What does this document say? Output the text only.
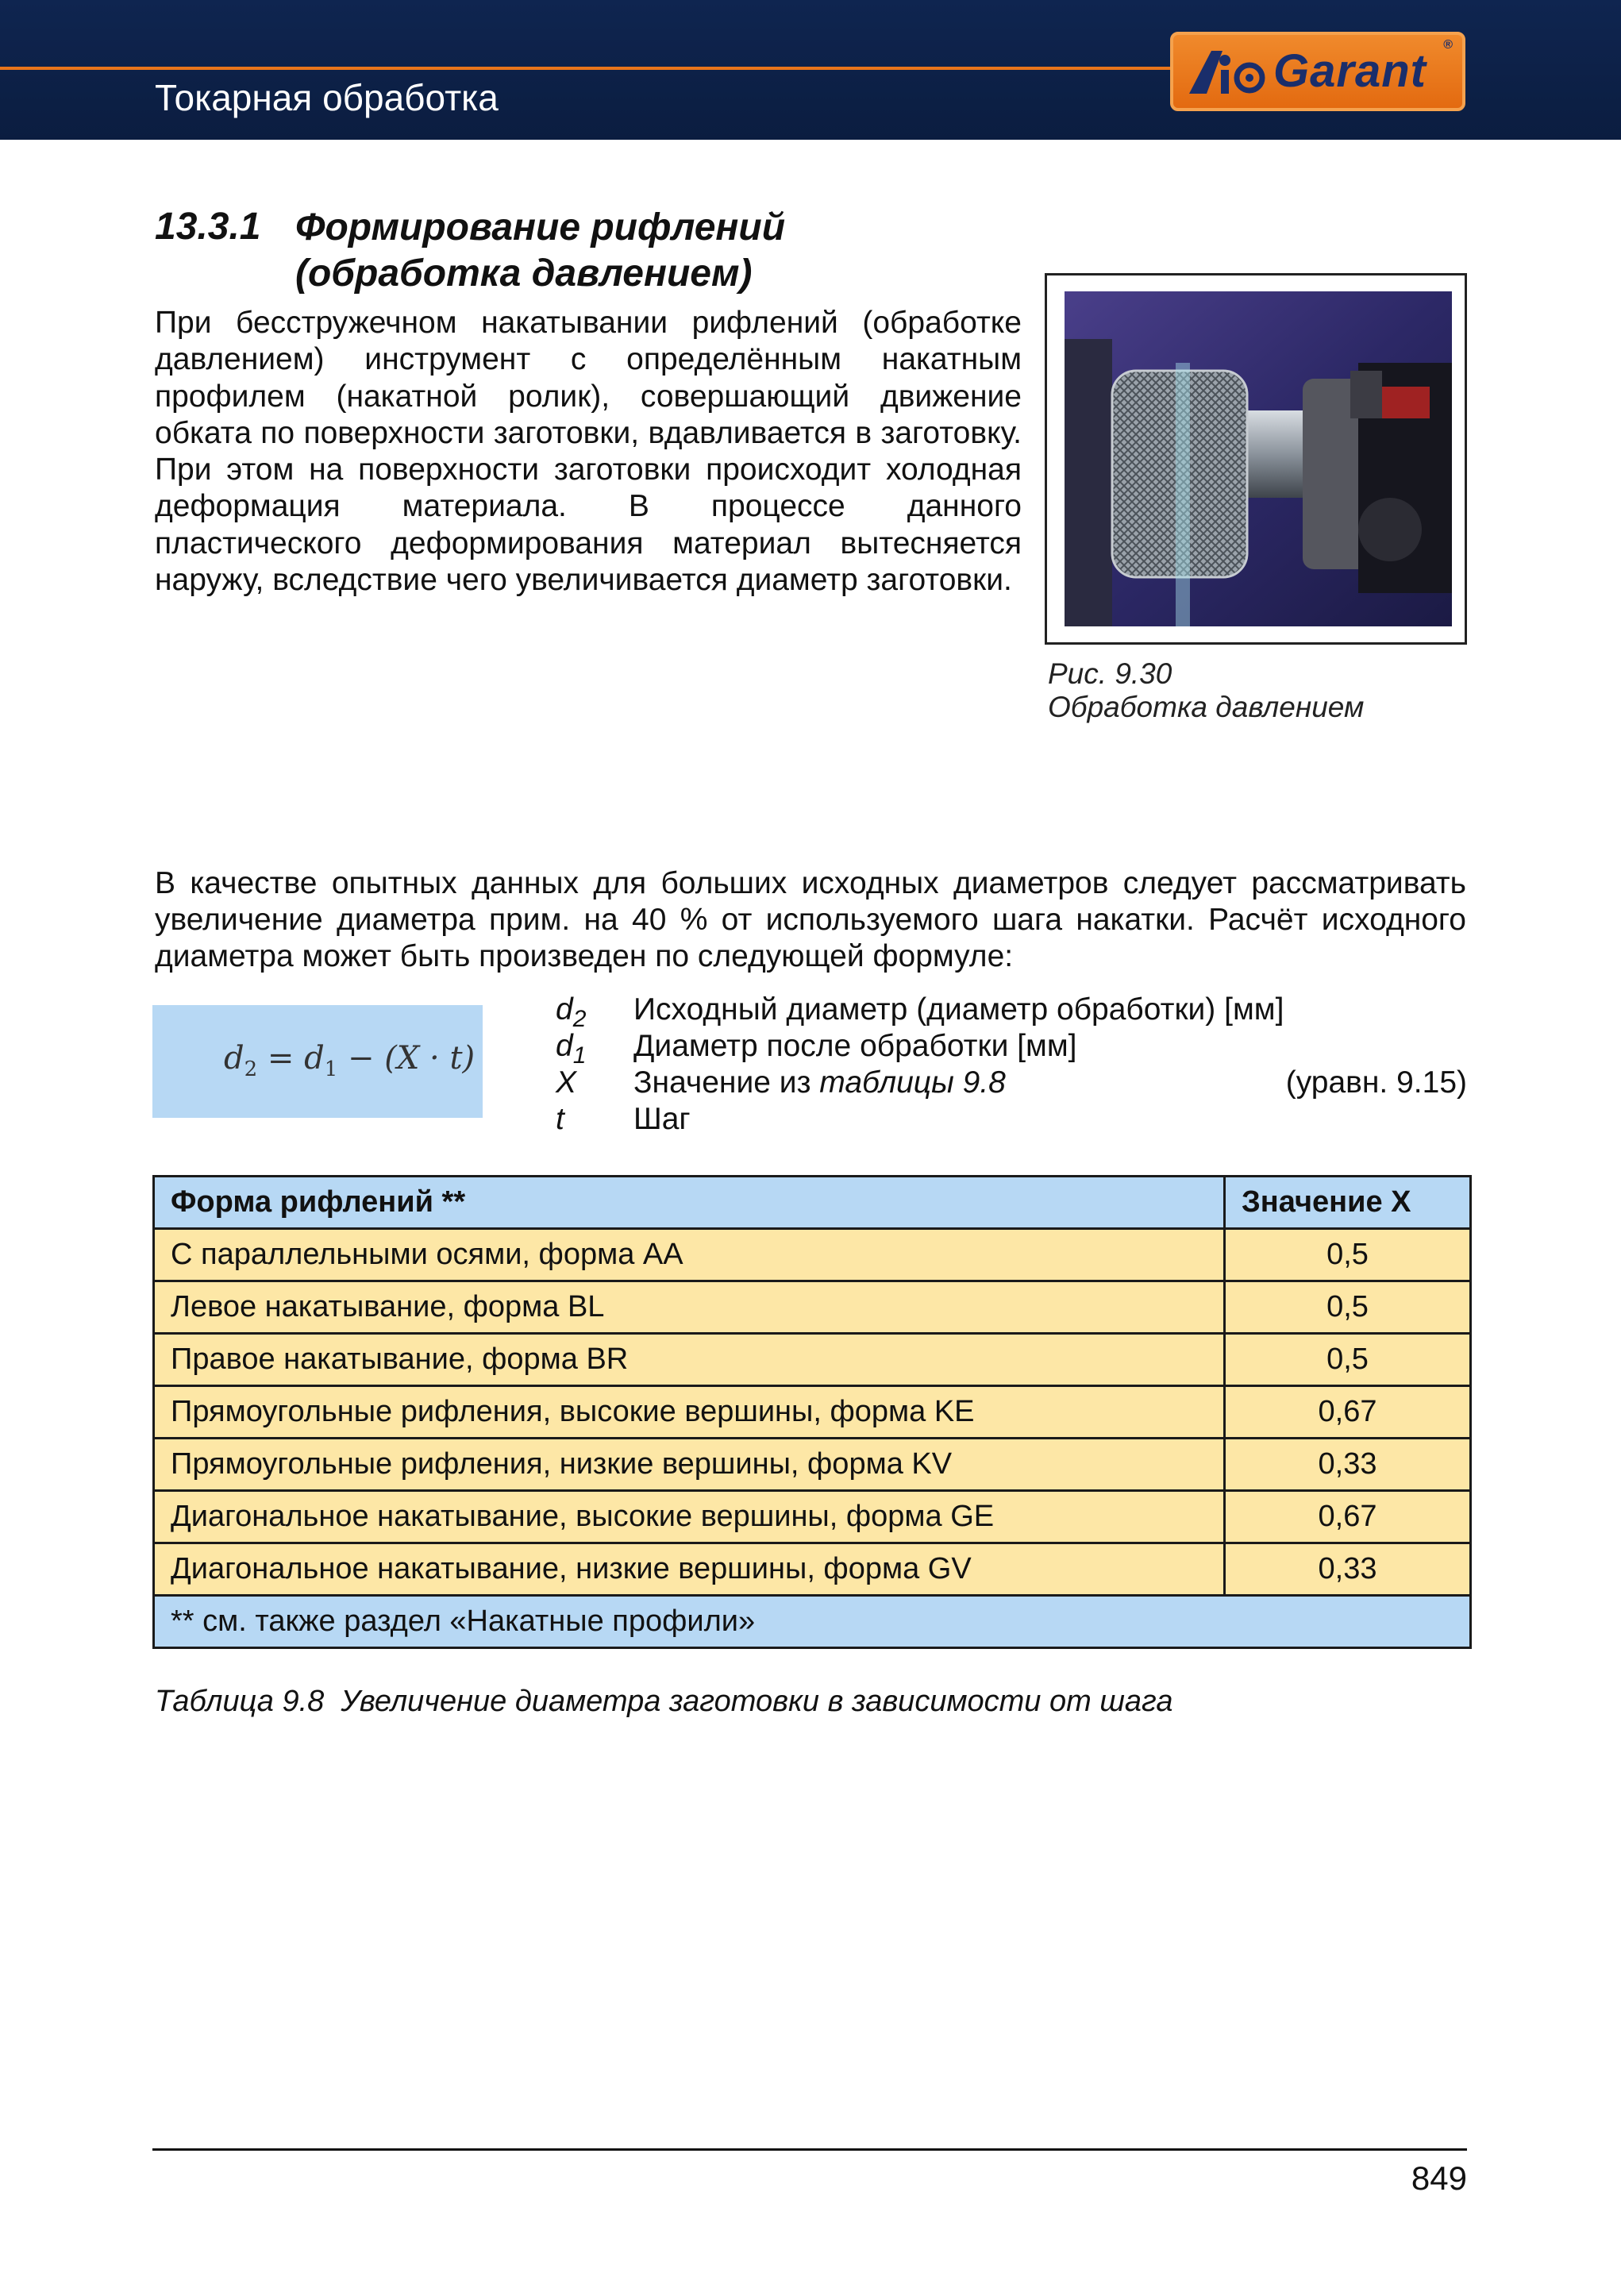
Токарная обработка
Garant
®
13.3.1 Формирование рифлений
(обработка давлением)
При бесстружечном накатывании рифлений (обработке давлением) инструмент с определённым накатным профилем (накатной ролик), совершающий движение обката по поверхности заготовки, вдавливается в заготовку. При этом на поверхности заготовки происходит холодная деформация материала. В процессе данного пластического деформирования материал вытесняется наружу, вследствие чего увеличивается диаметр заготовки.
Рис. 9.30
Обработка давлением
В качестве опытных данных для больших исходных диаметров следует рассматривать увеличение диаметра прим. на 40 % от используемого шага накатки. Расчёт исходного диаметра может быть произведен по следующей формуле:
$d_2 = d_1 - (X \cdot t)$
$d_2$ Исходный диаметр (диаметр обработки) [мм]
$d_1$ Диаметр после обработки [мм]
X Значение из таблицы 9.8	(уравн. 9.15)
t Шаг
Форма рифлений **	Значение X
С параллельными осями, форма AA	0,5
Левое накатывание, форма BL	0,5
Правое накатывание, форма BR	0,5
Прямоугольные рифления, высокие вершины, форма KE	0,67
Прямоугольные рифления, низкие вершины, форма KV	0,33
Диагональное накатывание, высокие вершины, форма GE	0,67
Диагональное накатывание, низкие вершины, форма GV	0,33
** см. также раздел «Накатные профили»	
Таблица 9.8 Увеличение диаметра заготовки в зависимости от шага
849
